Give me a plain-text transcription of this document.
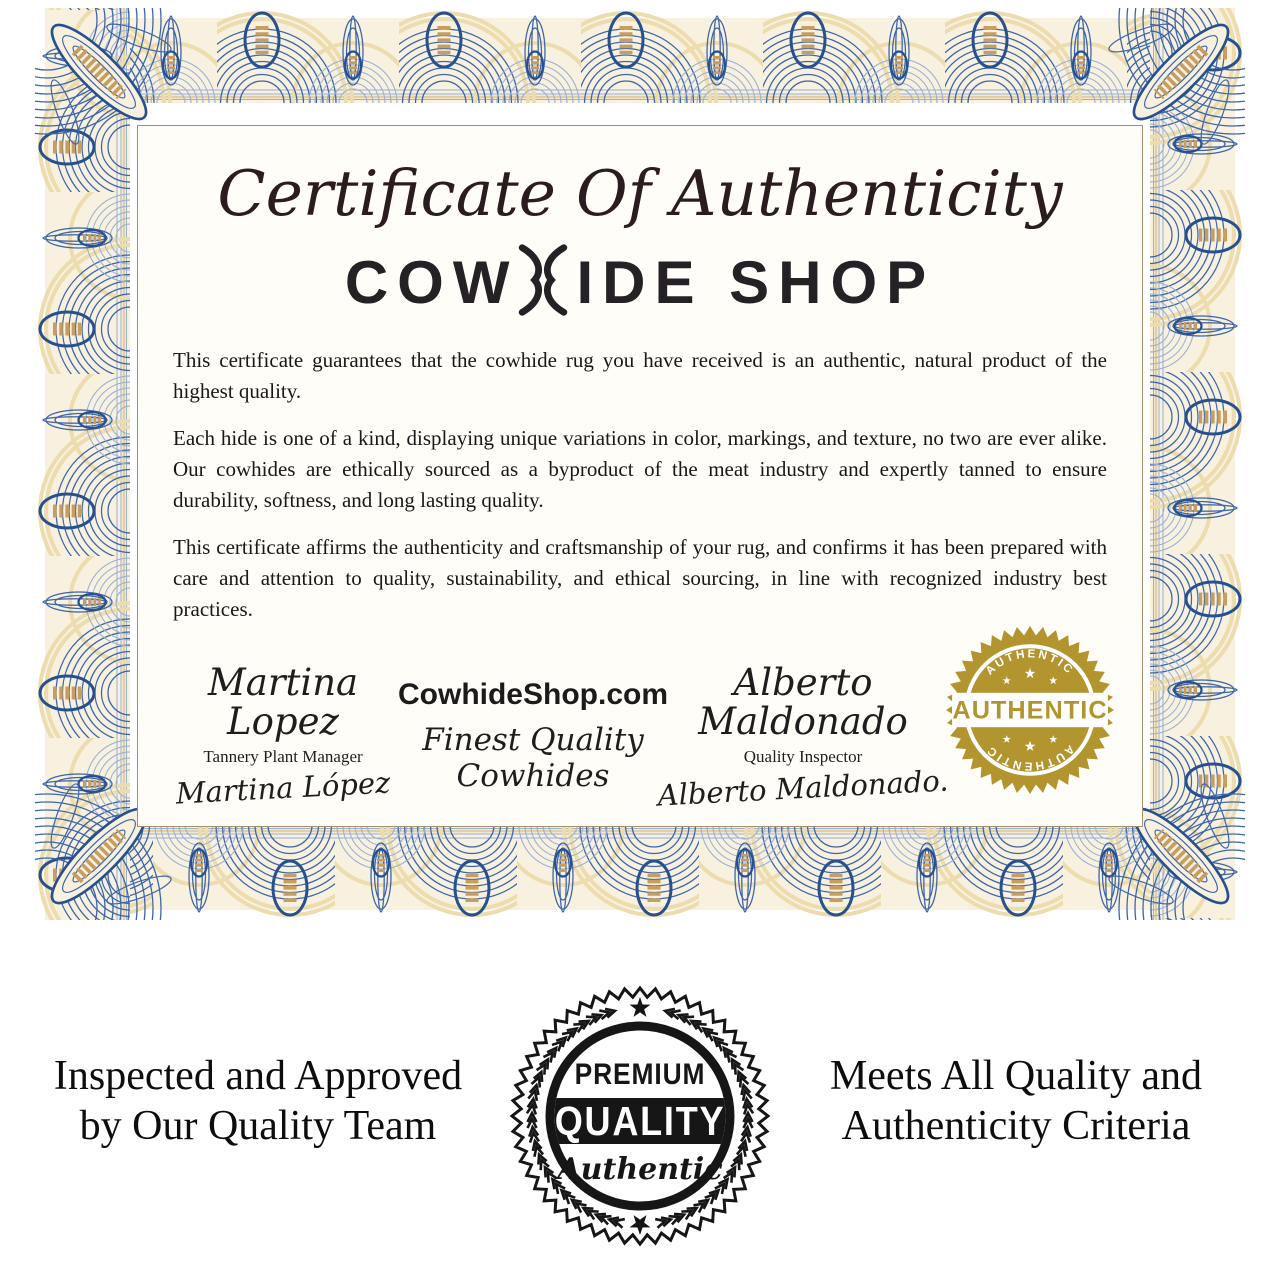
Certificate Of Authenticity
COW IDE SHOP

This certificate guarantees that the cowhide rug you have received is an authentic, natural product of the highest quality.

Each hide is one of a kind, displaying unique variations in color, markings, and texture, no two are ever alike. Our cowhides are ethically sourced as a byproduct of the meat industry and expertly tanned to ensure durability, softness, and long lasting quality.

This certificate affirms the authenticity and craftsmanship of your rug, and confirms it has been prepared with care and attention to quality, sustainability, and ethical sourcing, in line with recognized industry best practices.

Martina Lopez
Tannery Plant Manager
Martina López
CowhideShop.com
Finest Quality Cowhides
Alberto Maldonado
Quality Inspector
Alberto Maldonado.
AUTHENTIC
AUTHENTIC
AUTHENTIC
Inspected and Approved
by Our Quality Team
PREMIUM
QUALITY
Authentic
Meets All Quality and
Authenticity Criteria
